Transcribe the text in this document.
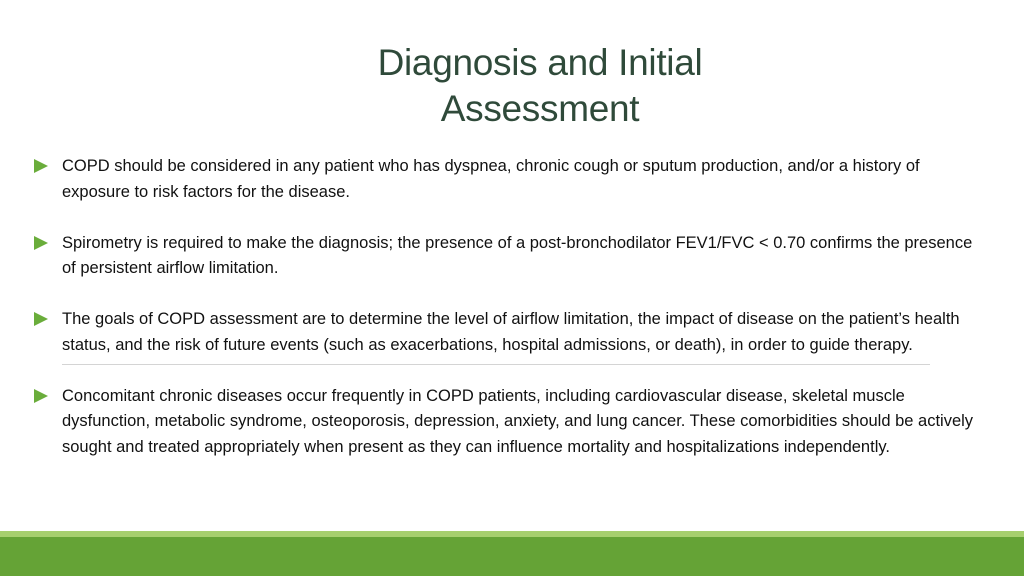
Diagnosis and Initial
Assessment
COPD should be considered in any patient who has dyspnea, chronic cough or sputum production, and/or a history of exposure to risk factors for the disease.
Spirometry is required to make the diagnosis; the presence of a post-bronchodilator FEV1/FVC < 0.70 confirms the presence of persistent airflow limitation.
The goals of COPD assessment are to determine the level of airflow limitation, the impact of disease on the patient’s health status, and the risk of future events (such as exacerbations, hospital admissions, or death), in order to guide therapy.
Concomitant chronic diseases occur frequently in COPD patients, including cardiovascular disease, skeletal muscle dysfunction, metabolic syndrome, osteoporosis, depression, anxiety, and lung cancer. These comorbidities should be actively sought and treated appropriately when present as they can influence mortality and hospitalizations independently.
